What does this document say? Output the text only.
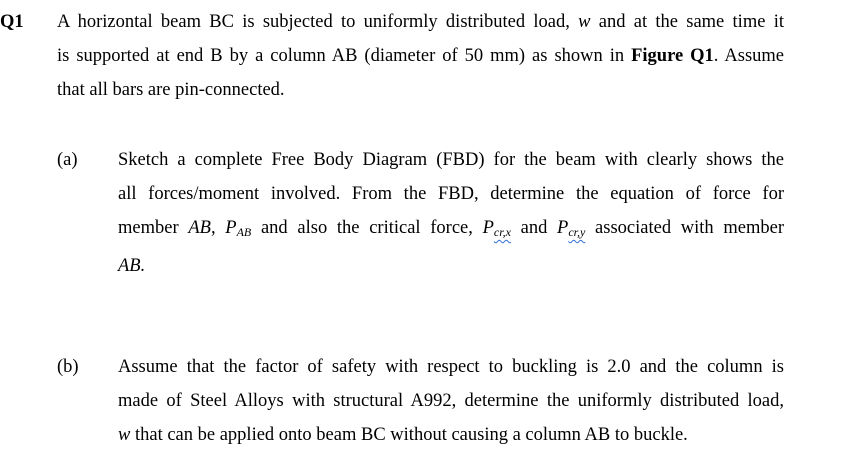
Q1 A horizontal beam BC is subjected to uniformly distributed load, w and at the same time it
is supported at end B by a column AB (diameter of 50 mm) as shown in Figure Q1. Assume
that all bars are pin-connected.
(a) Sketch a complete Free Body Diagram (FBD) for the beam with clearly shows the
all forces/moment involved. From the FBD, determine the equation of force for
member AB, $P_{AB}$ and also the critical force, $P_{cr,x}$ and $P_{cr,y}$ associated with member
AB.
(b) Assume that the factor of safety with respect to buckling is 2.0 and the column is
made of Steel Alloys with structural A992, determine the uniformly distributed load,
w that can be applied onto beam BC without causing a column AB to buckle.
